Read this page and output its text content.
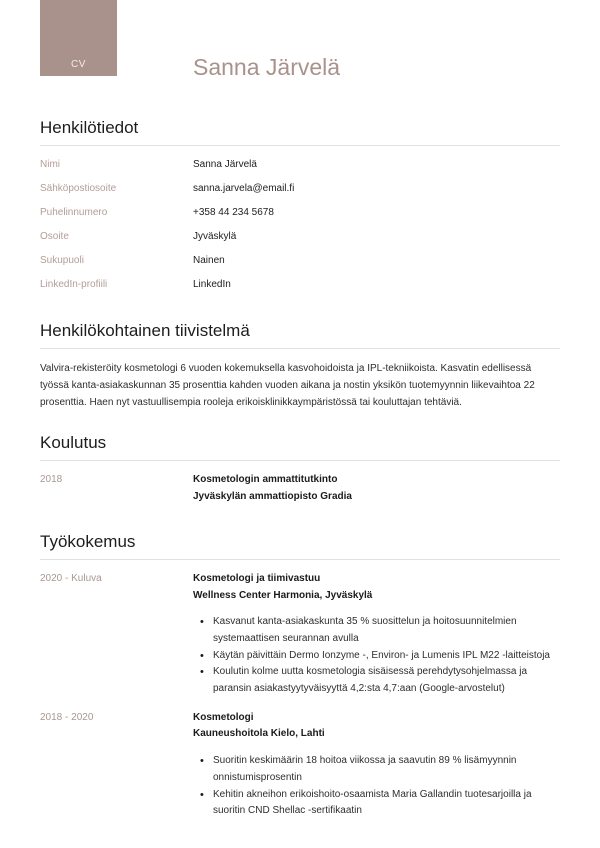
CV	Sanna Järvelä
Henkilötiedot
Nimi	Sanna Järvelä
Sähköpostiosoite	sanna.jarvela@email.fi
Puhelinnumero	+358 44 234 5678
Osoite	Jyväskylä
Sukupuoli	Nainen
LinkedIn-profiili	LinkedIn
Henkilökohtainen tiivistelmä

Valvira-rekisteröity kosmetologi 6 vuoden kokemuksella kasvohoidoista ja IPL-tekniikoista. Kasvatin edellisessä työssä kanta-asiakaskunnan 35 prosenttia kahden vuoden aikana ja nostin yksikön tuotemyynnin liikevaihtoa 22 prosenttia. Haen nyt vastuullisempia rooleja erikoisklinikkaympäristössä tai kouluttajan tehtäviä.

Koulutus
2018	Kosmetologin ammattitutkinto
Jyväskylän ammattiopisto Gradia
Työkokemus
2020 - Kuluva	Kosmetologi ja tiimivastuu
Wellness Center Harmonia, Jyväskylä
• Kasvanut kanta-asiakaskunta 35 % suosittelun ja hoitosuunnitelmien systemaattisen seurannan avulla
• Käytän päivittäin Dermo Ionzyme -, Environ- ja Lumenis IPL M22 -laitteistoja
• Koulutin kolme uutta kosmetologia sisäisessä perehdytysohjelmassa ja paransin asiakastyytyväisyyttä 4,2:sta 4,7:aan (Google-arvostelut)
2018 - 2020	Kosmetologi
Kauneushoitola Kielo, Lahti
• Suoritin keskimäärin 18 hoitoa viikossa ja saavutin 89 % lisämyynnin onnistumisprosentin
• Kehitin akneihon erikoishoito-osaamista Maria Gallandin tuotesarjoilla ja suoritin CND Shellac -sertifikaatin
